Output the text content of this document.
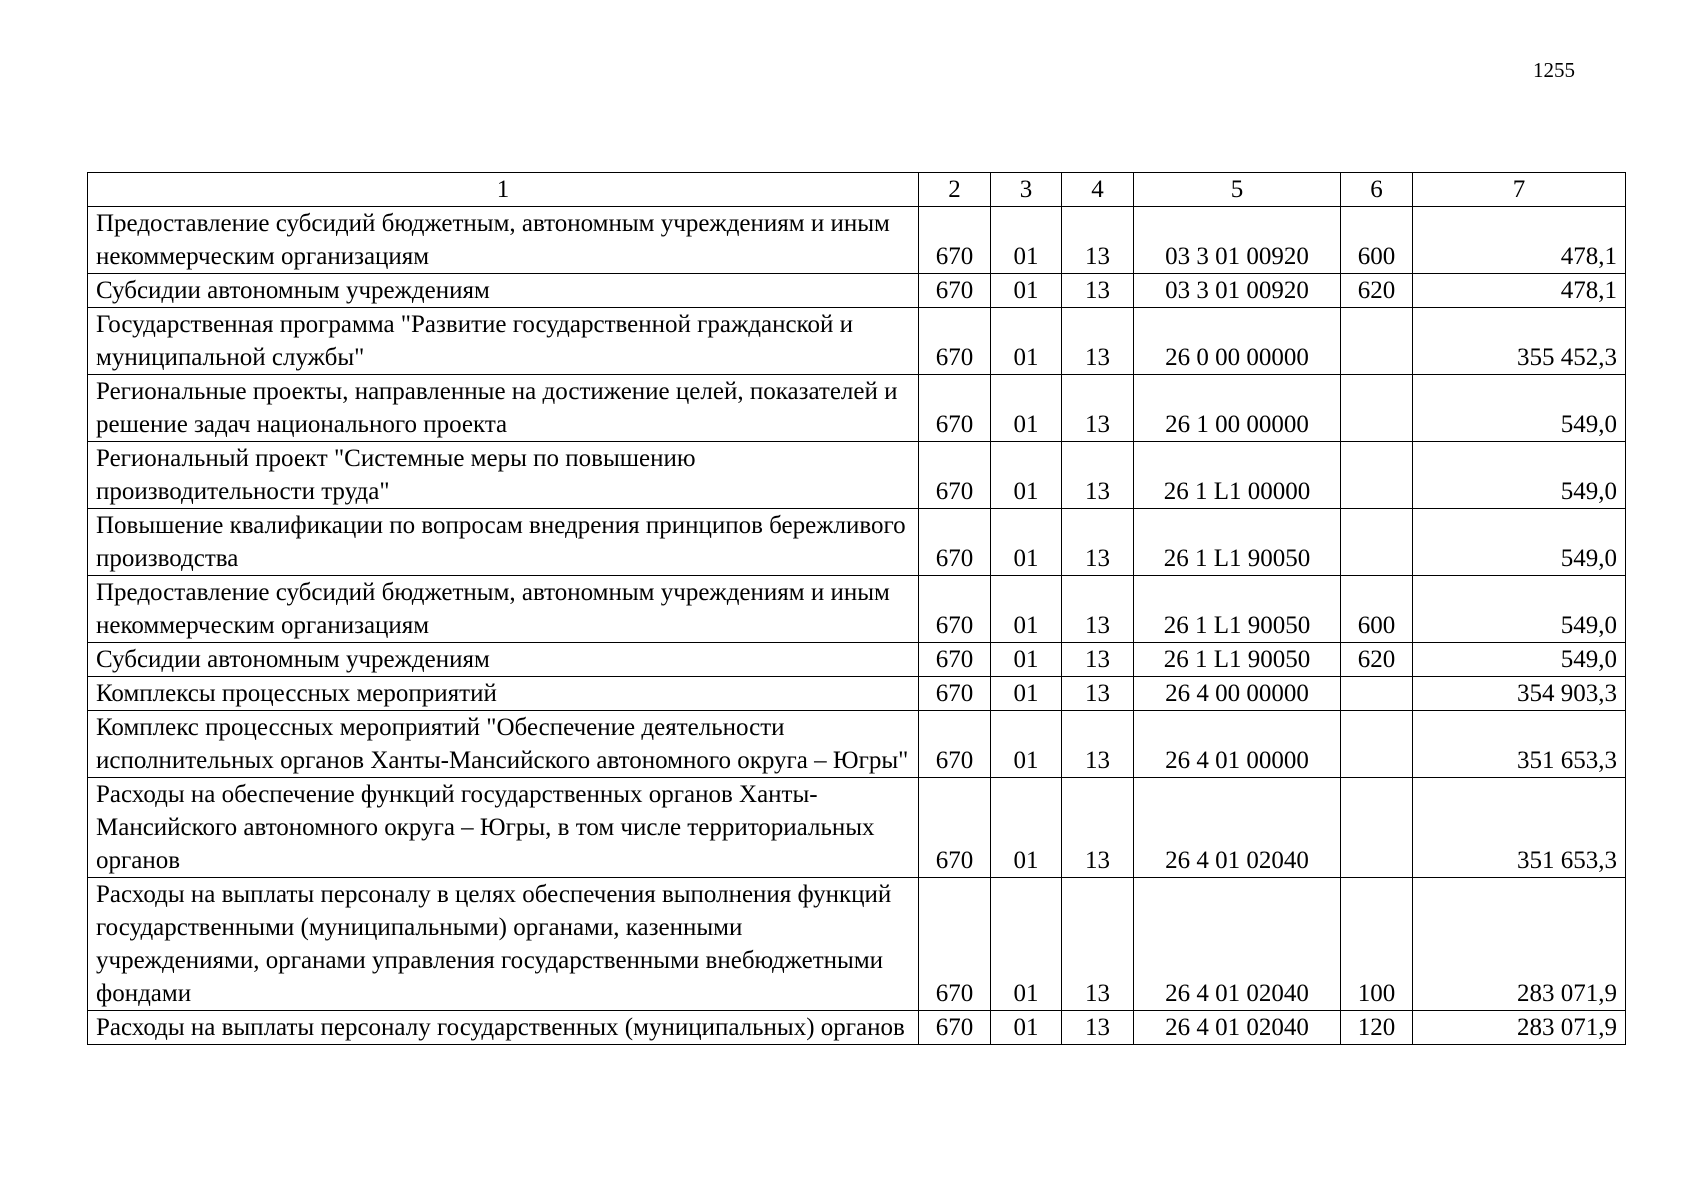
1255
1	2	3	4	5	6	7
Предоставление субсидий бюджетным, автономным учреждениям и иным некоммерческим организациям	670	01	13	03 3 01 00920	600	478,1
Субсидии автономным учреждениям	670	01	13	03 3 01 00920	620	478,1
Государственная программа "Развитие государственной гражданской и муниципальной службы"	670	01	13	26 0 00 00000		355 452,3
Региональные проекты, направленные на достижение целей, показателей и решение задач национального проекта	670	01	13	26 1 00 00000		549,0
Региональный проект "Системные меры по повышению производительности труда"	670	01	13	26 1 L1 00000		549,0
Повышение квалификации по вопросам внедрения принципов бережливого производства	670	01	13	26 1 L1 90050		549,0
Предоставление субсидий бюджетным, автономным учреждениям и иным некоммерческим организациям	670	01	13	26 1 L1 90050	600	549,0
Субсидии автономным учреждениям	670	01	13	26 1 L1 90050	620	549,0
Комплексы процессных мероприятий	670	01	13	26 4 00 00000		354 903,3
Комплекс процессных мероприятий "Обеспечение деятельности исполнительных органов Ханты-Мансийского автономного округа – Югры"	670	01	13	26 4 01 00000		351 653,3
Расходы на обеспечение функций государственных органов Ханты-Мансийского автономного округа – Югры, в том числе территориальных органов	670	01	13	26 4 01 02040		351 653,3
Расходы на выплаты персоналу в целях обеспечения выполнения функций государственными (муниципальными) органами, казенными учреждениями, органами управления государственными внебюджетными фондами	670	01	13	26 4 01 02040	100	283 071,9
Расходы на выплаты персоналу государственных (муниципальных) органов	670	01	13	26 4 01 02040	120	283 071,9
